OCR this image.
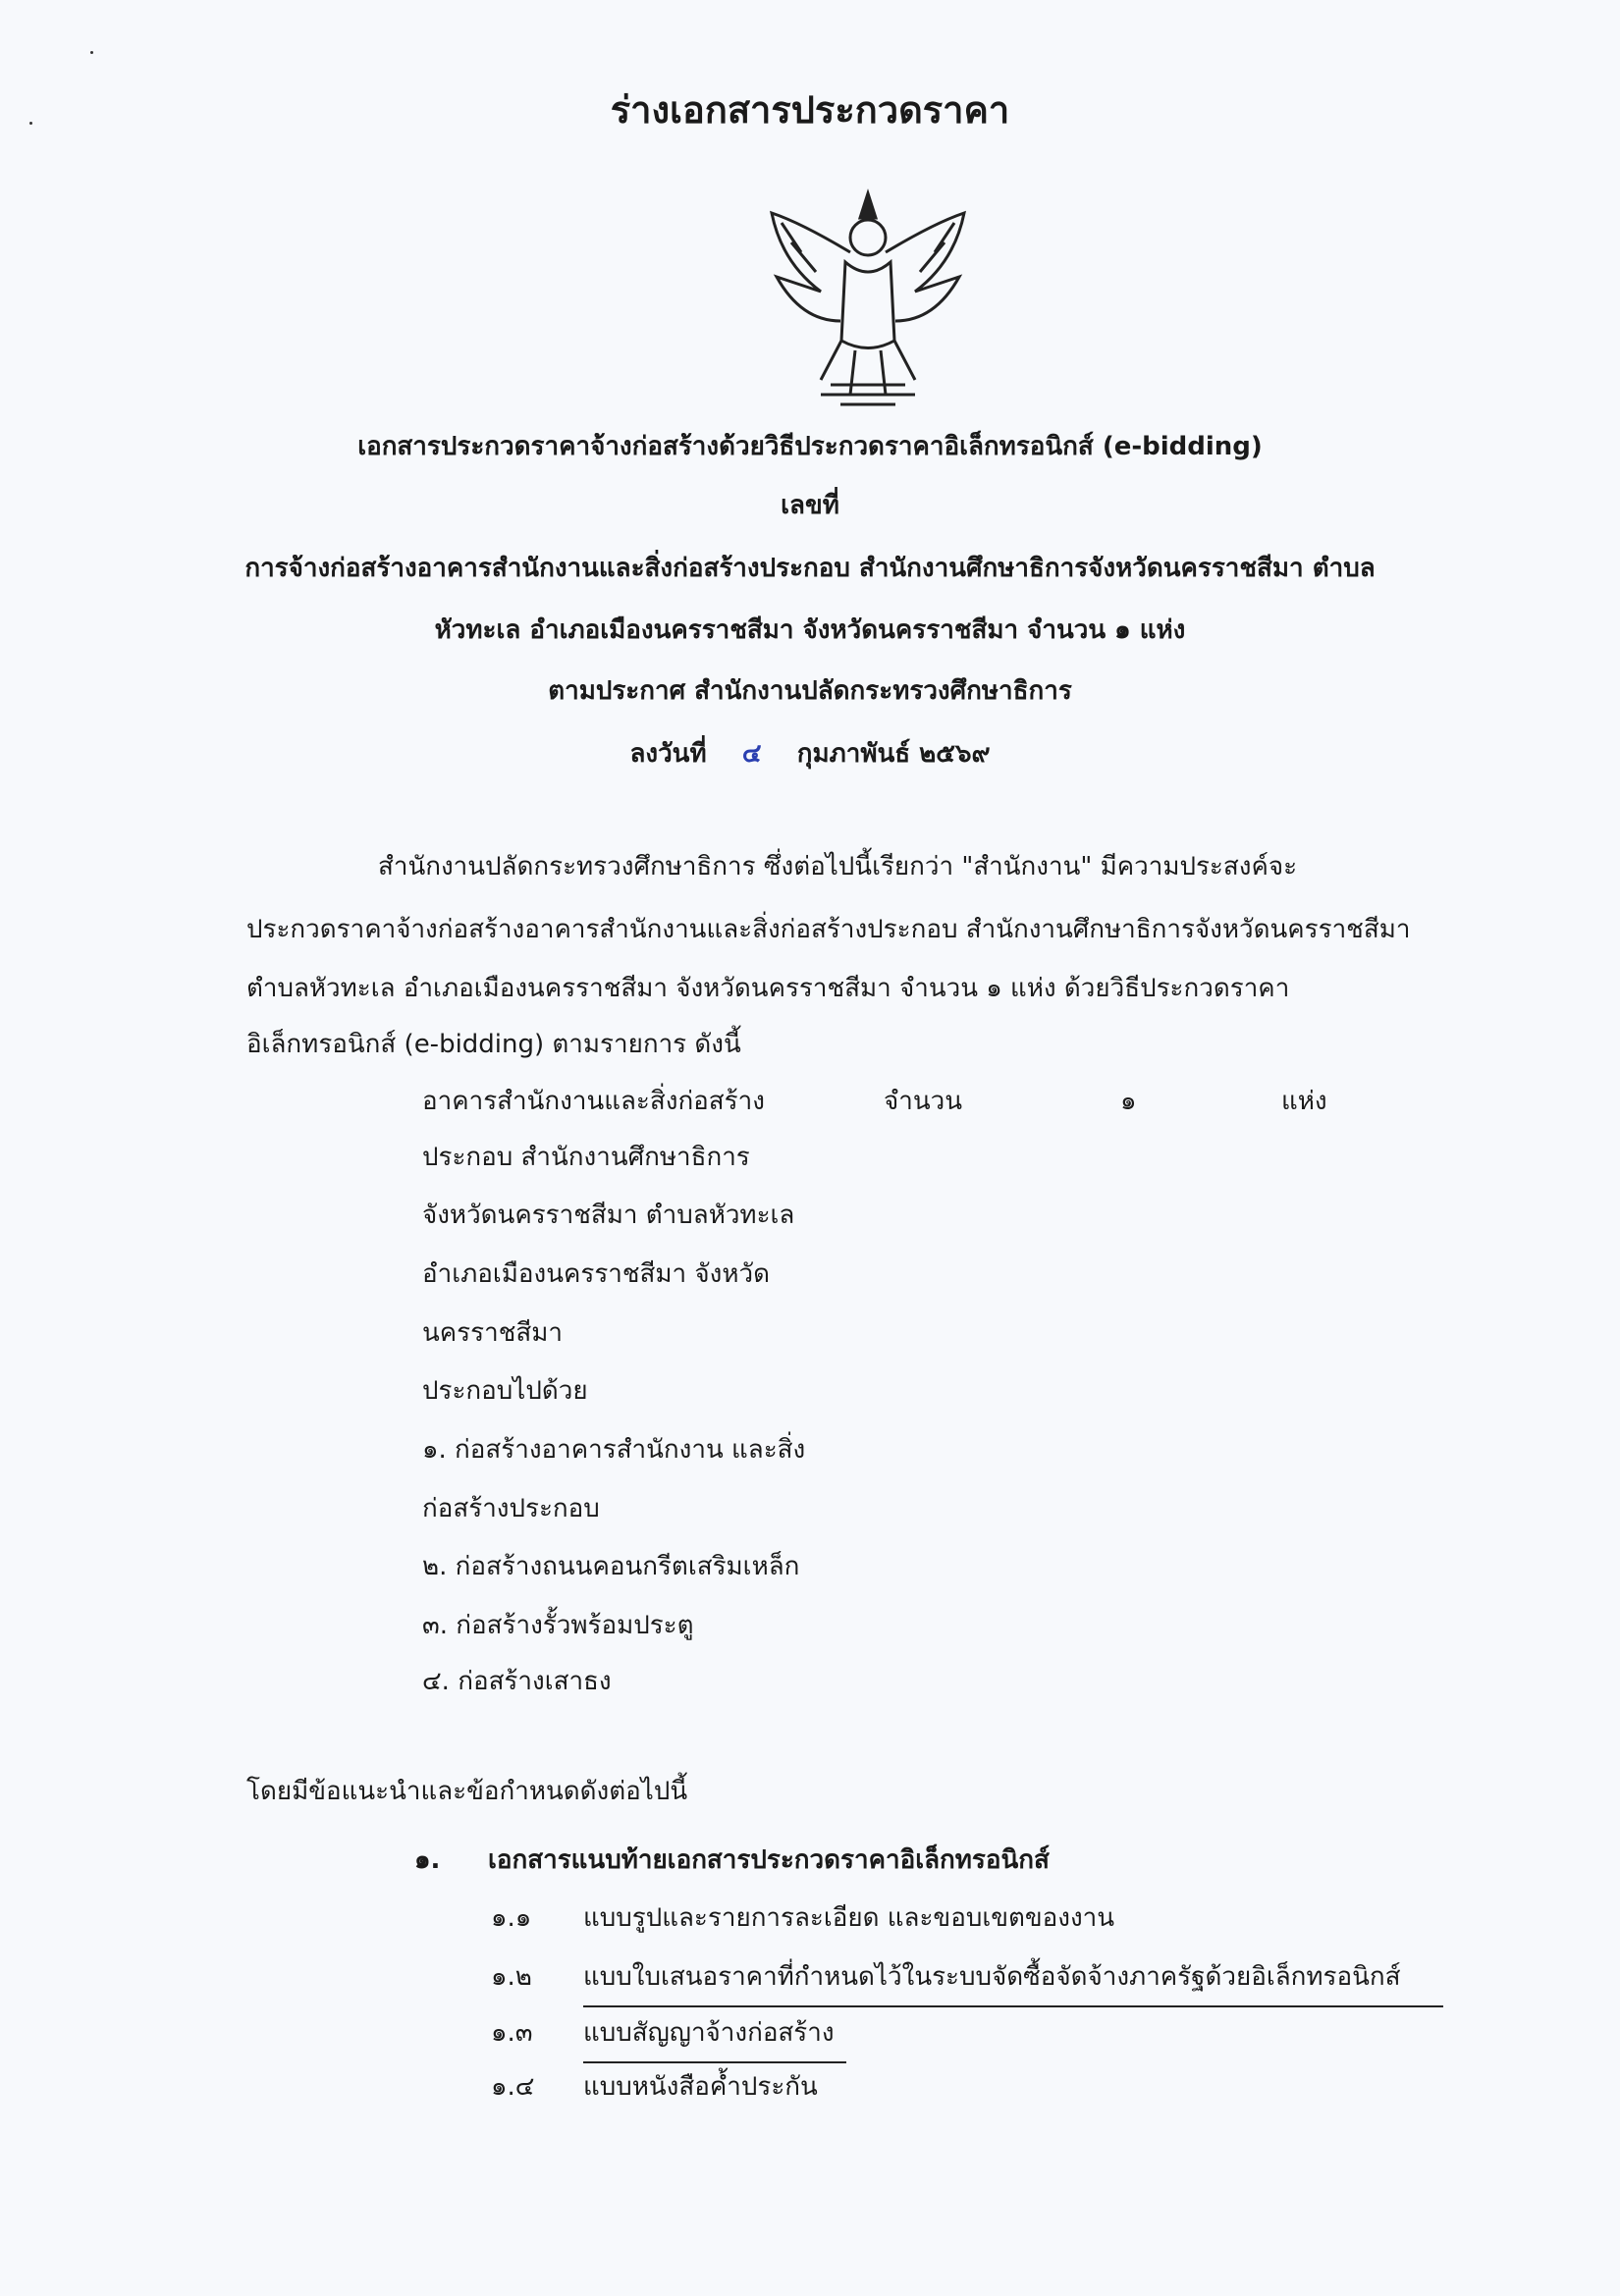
ร่างเอกสารประกวดราคา
เอกสารประกวดราคาจ้างก่อสร้างด้วยวิธีประกวดราคาอิเล็กทรอนิกส์ (e-bidding)
เลขที่
การจ้างก่อสร้างอาคารสำนักงานและสิ่งก่อสร้างประกอบ สำนักงานศึกษาธิการจังหวัดนครราชสีมา ตำบล
หัวทะเล อำเภอเมืองนครราชสีมา จังหวัดนครราชสีมา จำนวน ๑ แห่ง
ตามประกาศ สำนักงานปลัดกระทรวงศึกษาธิการ
ลงวันที่ ๔ กุมภาพันธ์ ๒๕๖๙
สำนักงานปลัดกระทรวงศึกษาธิการ ซึ่งต่อไปนี้เรียกว่า "สำนักงาน" มีความประสงค์จะ
ประกวดราคาจ้างก่อสร้างอาคารสำนักงานและสิ่งก่อสร้างประกอบ สำนักงานศึกษาธิการจังหวัดนครราชสีมา
ตำบลหัวทะเล อำเภอเมืองนครราชสีมา จังหวัดนครราชสีมา จำนวน ๑ แห่ง ด้วยวิธีประกวดราคา
อิเล็กทรอนิกส์ (e-bidding) ตามรายการ ดังนี้
อาคารสำนักงานและสิ่งก่อสร้าง	จำนวน	๑	แห่ง
ประกอบ สำนักงานศึกษาธิการ
จังหวัดนครราชสีมา ตำบลหัวทะเล
อำเภอเมืองนครราชสีมา จังหวัด
นครราชสีมา
ประกอบไปด้วย
๑. ก่อสร้างอาคารสำนักงาน และสิ่ง
ก่อสร้างประกอบ
๒. ก่อสร้างถนนคอนกรีตเสริมเหล็ก
๓. ก่อสร้างรั้วพร้อมประตู
๔. ก่อสร้างเสาธง
โดยมีข้อแนะนำและข้อกำหนดดังต่อไปนี้
๑. เอกสารแนบท้ายเอกสารประกวดราคาอิเล็กทรอนิกส์
๑.๑ แบบรูปและรายการละเอียด และขอบเขตของงาน
๑.๒ แบบใบเสนอราคาที่กำหนดไว้ในระบบจัดซื้อจัดจ้างภาครัฐด้วยอิเล็กทรอนิกส์
๑.๓ แบบสัญญาจ้างก่อสร้าง
๑.๔ แบบหนังสือค้ำประกัน
